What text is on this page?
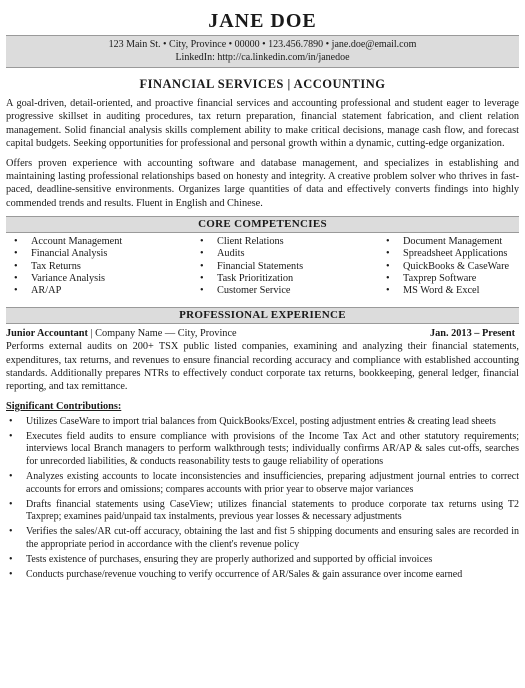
JANE DOE
123 Main St. • City, Province • 00000 • 123.456.7890 • jane.doe@email.com
LinkedIn: http://ca.linkedin.com/in/janedoe
FINANCIAL SERVICES | ACCOUNTING

A goal-driven, detail-oriented, and proactive financial services and accounting professional and student eager to leverage progressive skillset in auditing procedures, tax return preparation, financial statement fabrication, and client relation management. Solid financial analysis skills complement ability to make critical decisions, manage cash flow, and forecast capital budgets. Seeking opportunities for professional and personal growth within a dynamic, cutting-edge organization.

Offers proven experience with accounting software and database management, and specializes in establishing and maintaining lasting professional relationships based on honesty and integrity. A creative problem solver who thrives in fast-paced, deadline-sensitive environments. Organizes large quantities of data and effectively converts findings into highly commended trends and results. Fluent in English and Chinese.

CORE COMPETENCIES
• Account Management
• Financial Analysis
• Tax Returns
• Variance Analysis
• AR/AP
• Client Relations
• Audits
• Financial Statements
• Task Prioritization
• Customer Service
• Document Management
• Spreadsheet Applications
• QuickBooks & CaseWare
• Taxprep Software
• MS Word & Excel
PROFESSIONAL EXPERIENCE
Junior Accountant | Company Name — City, Province	Jan. 2013 – Present

Performs external audits on 200+ TSX public listed companies, examining and analyzing their financial statements, expenditures, tax returns, and revenues to ensure financial recording accuracy and compliance with established accounting standards. Additionally prepares NTRs to effectively conduct corporate tax returns, bookkeeping, general ledger, financial reporting, and tax remittance.

Significant Contributions:
• Utilizes CaseWare to import trial balances from QuickBooks/Excel, posting adjustment entries & creating lead sheets
• Executes field audits to ensure compliance with provisions of the Income Tax Act and other statutory requirements; interviews local Branch managers to perform walkthrough tests; individually confirms AR/AP & sales cut-offs, searches for unrecorded liabilities, & conducts reasonability tests to gauge reliability of operations
• Analyzes existing accounts to locate inconsistencies and insufficiencies, preparing adjustment journal entries to correct accounts for errors and omissions; compares accounts with prior year to observe major variances
• Drafts financial statements using CaseView; utilizes financial statements to produce corporate tax returns using T2 Taxprep; examines paid/unpaid tax instalments, previous year losses & necessary adjustments
• Verifies the sales/AR cut-off accuracy, obtaining the last and fist 5 shipping documents and ensuring sales are recorded in the appropriate period in accordance with the client's revenue policy
• Tests existence of purchases, ensuring they are properly authorized and supported by official invoices
• Conducts purchase/revenue vouching to verify occurrence of AR/Sales & gain assurance over income earned
